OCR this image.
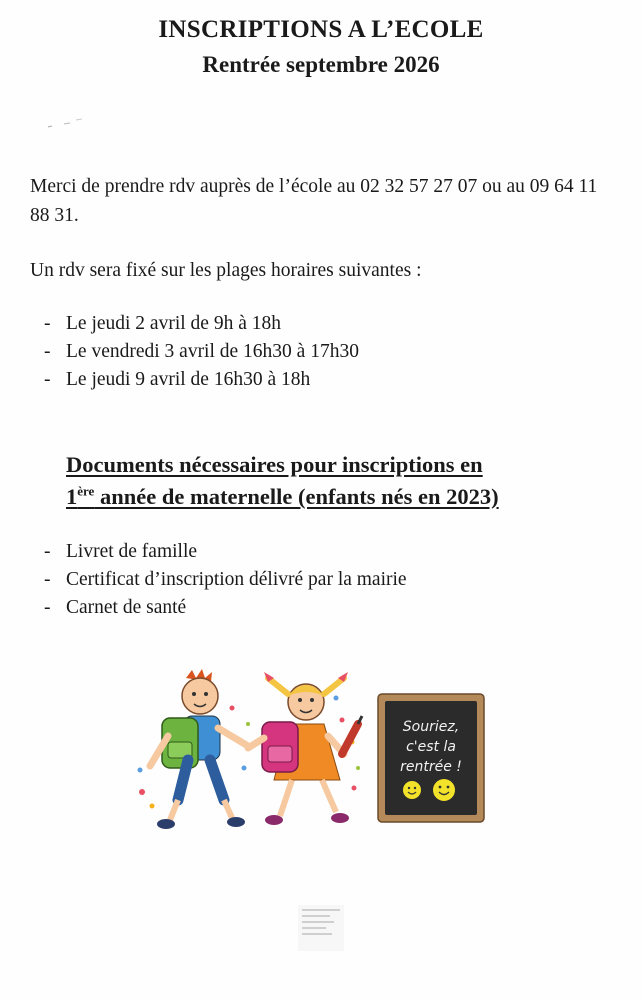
INSCRIPTIONS A L’ECOLE
Rentrée septembre 2026

Merci de prendre rdv auprès de l’école au 02 32 57 27 07 ou au 09 64 11 88 31.

Un rdv sera fixé sur les plages horaires suivantes :

- Le jeudi 2 avril de 9h à 18h
- Le vendredi 3 avril de 16h30 à 17h30
- Le jeudi 9 avril de 16h30 à 18h
Documents nécessaires pour inscriptions en
1ère année de maternelle (enfants nés en 2023)
- Livret de famille
- Certificat d’inscription délivré par la mairie
- Carnet de santé
Souriez,
c'est la
rentrée !
